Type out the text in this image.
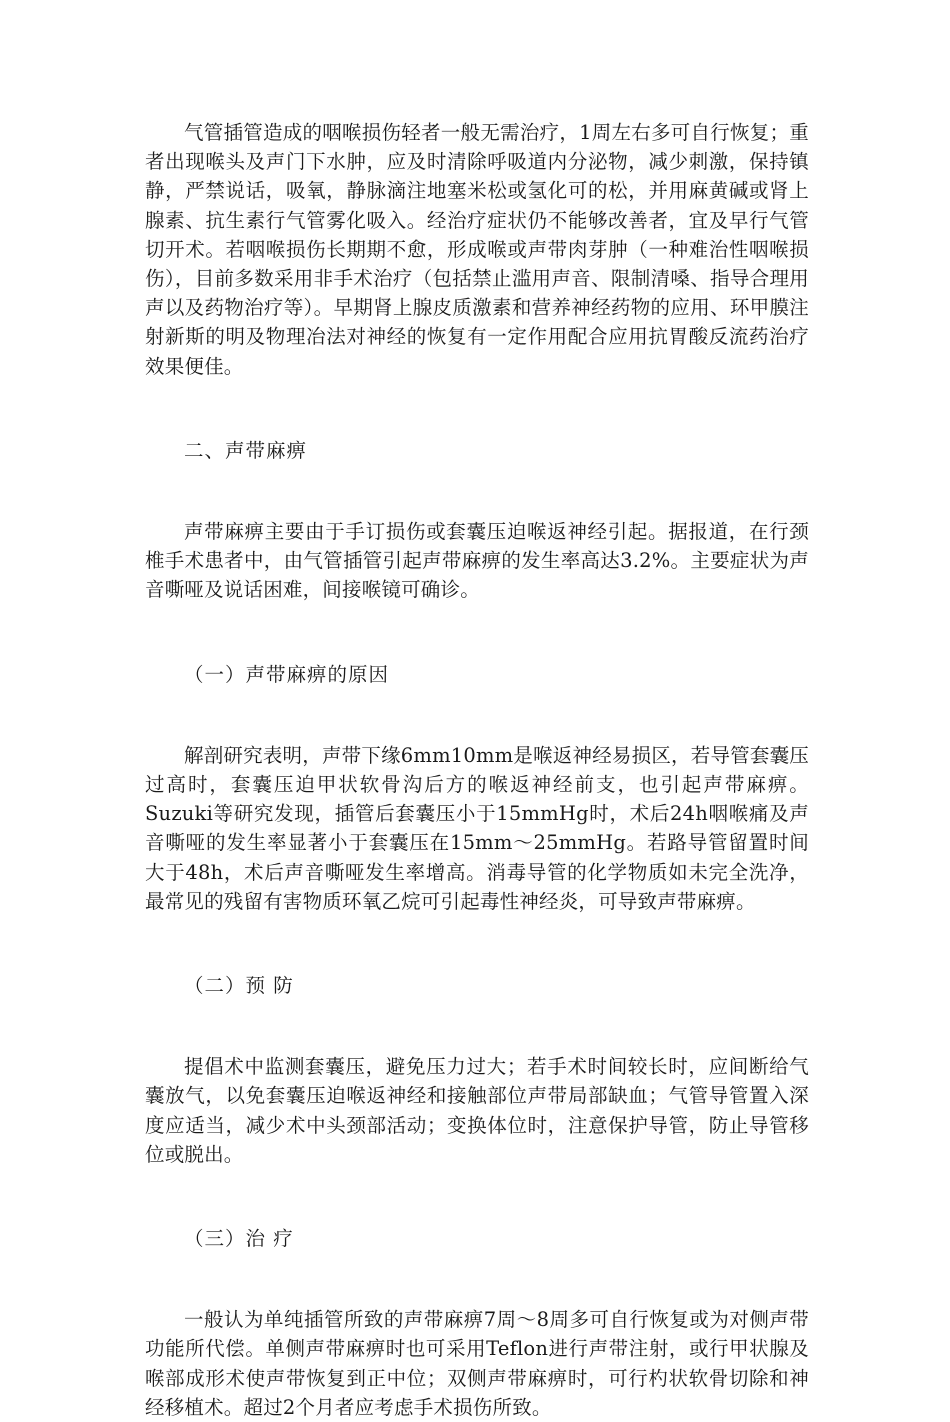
气管插管造成的咽喉损伤轻者一般无需治疗，1周左右多可自行恢复；重者出现喉头及声门下水肿，应及时清除呼吸道内分泌物，减少刺激，保持镇静，严禁说话，吸氧，静脉滴注地塞米松或氢化可的松，并用麻黄碱或肾上腺素、抗生素行气管雾化吸入。经治疗症状仍不能够改善者，宜及早行气管切开术。若咽喉损伤长期期不愈，形成喉或声带肉芽肿（一种难治性咽喉损伤），目前多数采用非手术治疗（包括禁止滥用声音、限制清嗓、指导合理用声以及药物治疗等）。早期肾上腺皮质激素和营养神经药物的应用、环甲膜注射新斯的明及物理冶法对神经的恢复有一定作用配合应用抗胃酸反流药治疗效果便佳。

二、声带麻痹

声带麻痹主要由于手订损伤或套囊压迫喉返神经引起。据报道，在行颈椎手术患者中，由气管插管引起声带麻痹的发生率高达3.2%。主要症状为声音嘶哑及说话困难，间接喉镜可确诊。

（一）声带麻痹的原因

解剖研究表明，声带下缘6mm10mm是喉返神经易损区，若导管套囊压过高时，套囊压迫甲状软骨沟后方的喉返神经前支，也引起声带麻痹。Suzuki等研究发现，插管后套囊压小于15mmHg时，术后24h咽喉痛及声音嘶哑的发生率显著小于套囊压在15mm～25mmHg。若路导管留置时间大于48h，术后声音嘶哑发生率增高。消毒导管的化学物质如未完全洗净，最常见的残留有害物质环氧乙烷可引起毒性神经炎，可导致声带麻痹。

（二）预 防

提倡术中监测套囊压，避免压力过大；若手术时间较长时，应间断给气囊放气，以免套囊压迫喉返神经和接触部位声带局部缺血；气管导管置入深度应适当，减少术中头颈部活动；变换体位时，注意保护导管，防止导管移位或脱出。

（三）治 疗

一般认为单纯插管所致的声带麻痹7周～8周多可自行恢复或为对侧声带功能所代偿。单侧声带麻痹时也可采用Teflon进行声带注射，或行甲状腺及喉部成形术使声带恢复到正中位；双侧声带麻痹时，可行杓状软骨切除和神经移植术。超过2个月者应考虑手术损伤所致。
